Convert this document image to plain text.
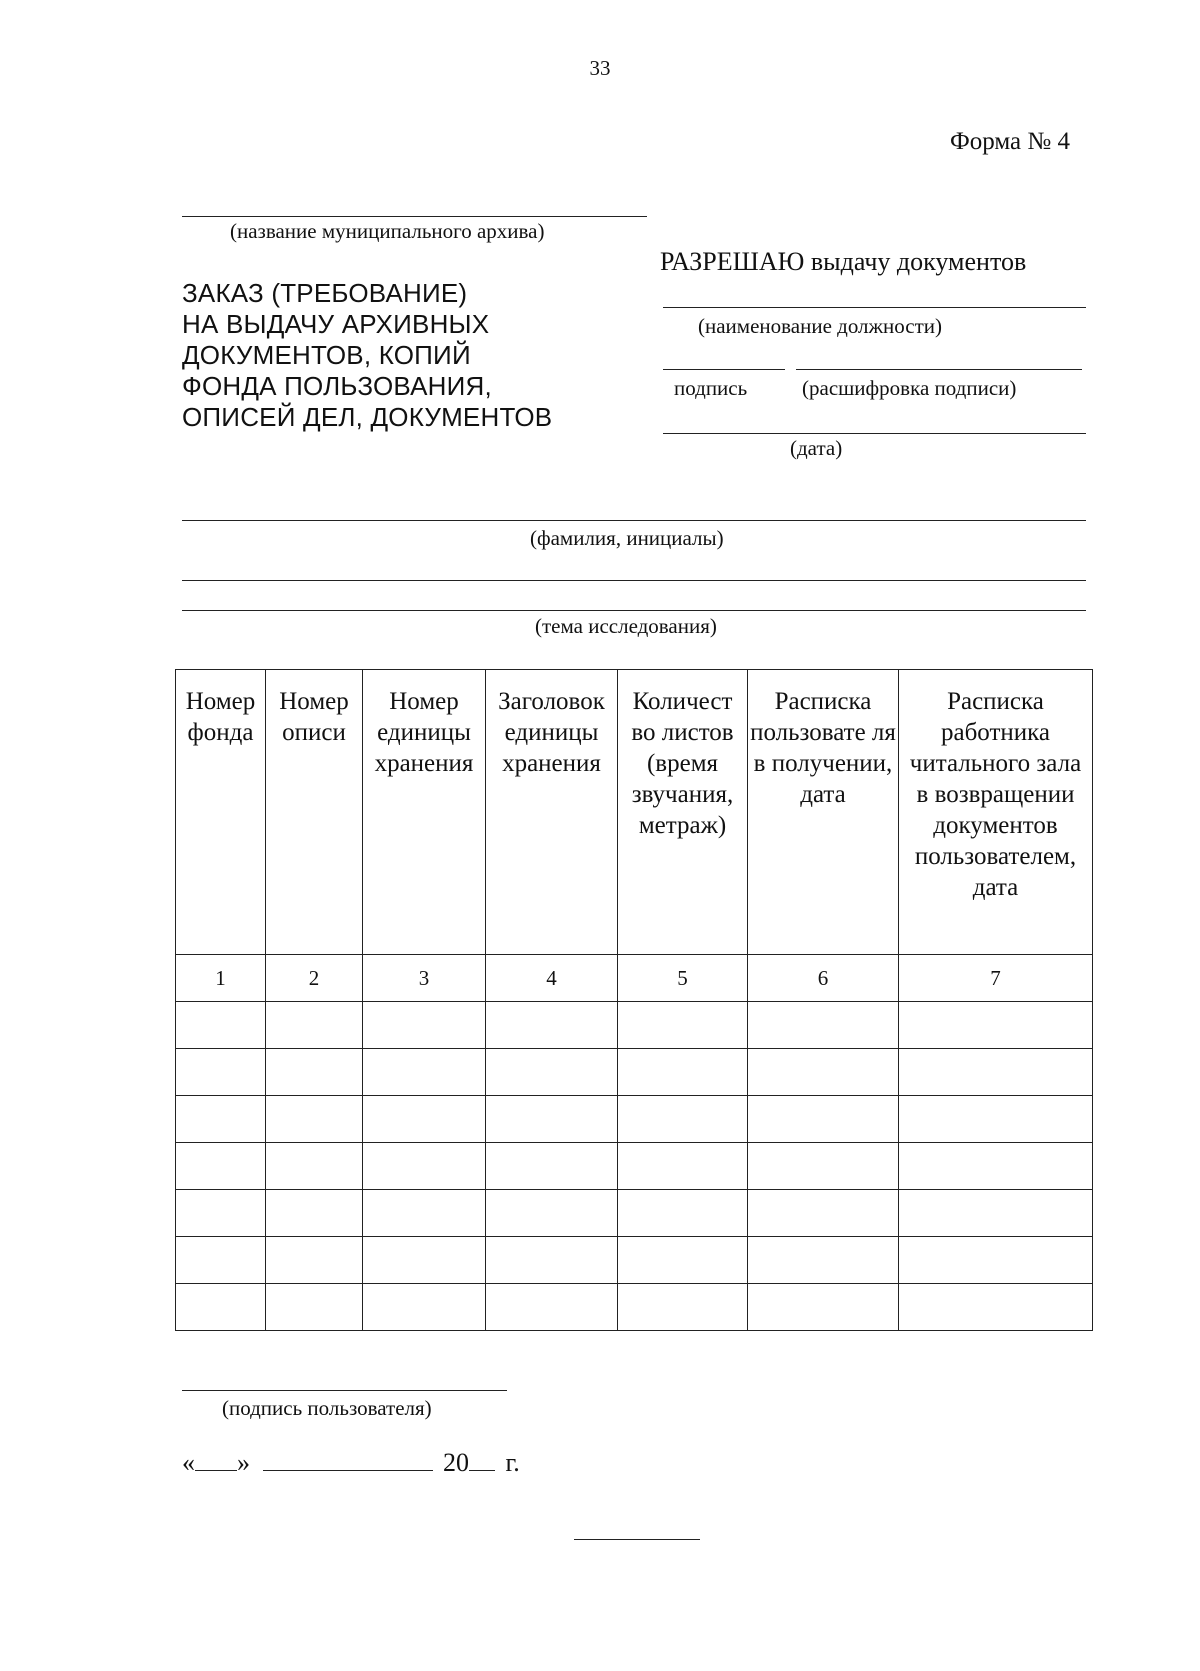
33
Форма № 4
(название муниципального архива)
ЗАКАЗ (ТРЕБОВАНИЕ)
НА ВЫДАЧУ АРХИВНЫХ
ДОКУМЕНТОВ, КОПИЙ
ФОНДА ПОЛЬЗОВАНИЯ,
ОПИСЕЙ ДЕЛ, ДОКУМЕНТОВ
РАЗРЕШАЮ выдачу документов
(наименование должности)
подпись	(расшифровка подписи)
(дата)
(фамилия, инициалы)
(тема исследования)
Номер фонда	Номер описи	Номер единицы хранения	Заголовок единицы хранения	Количест во листов (время звучания, метраж)	Расписка пользовате ля в получении, дата	Расписка работника читального зала в возвращении документов пользователем, дата
1	2	3	4	5	6	7

(подпись пользователя)
« »	20 г.
